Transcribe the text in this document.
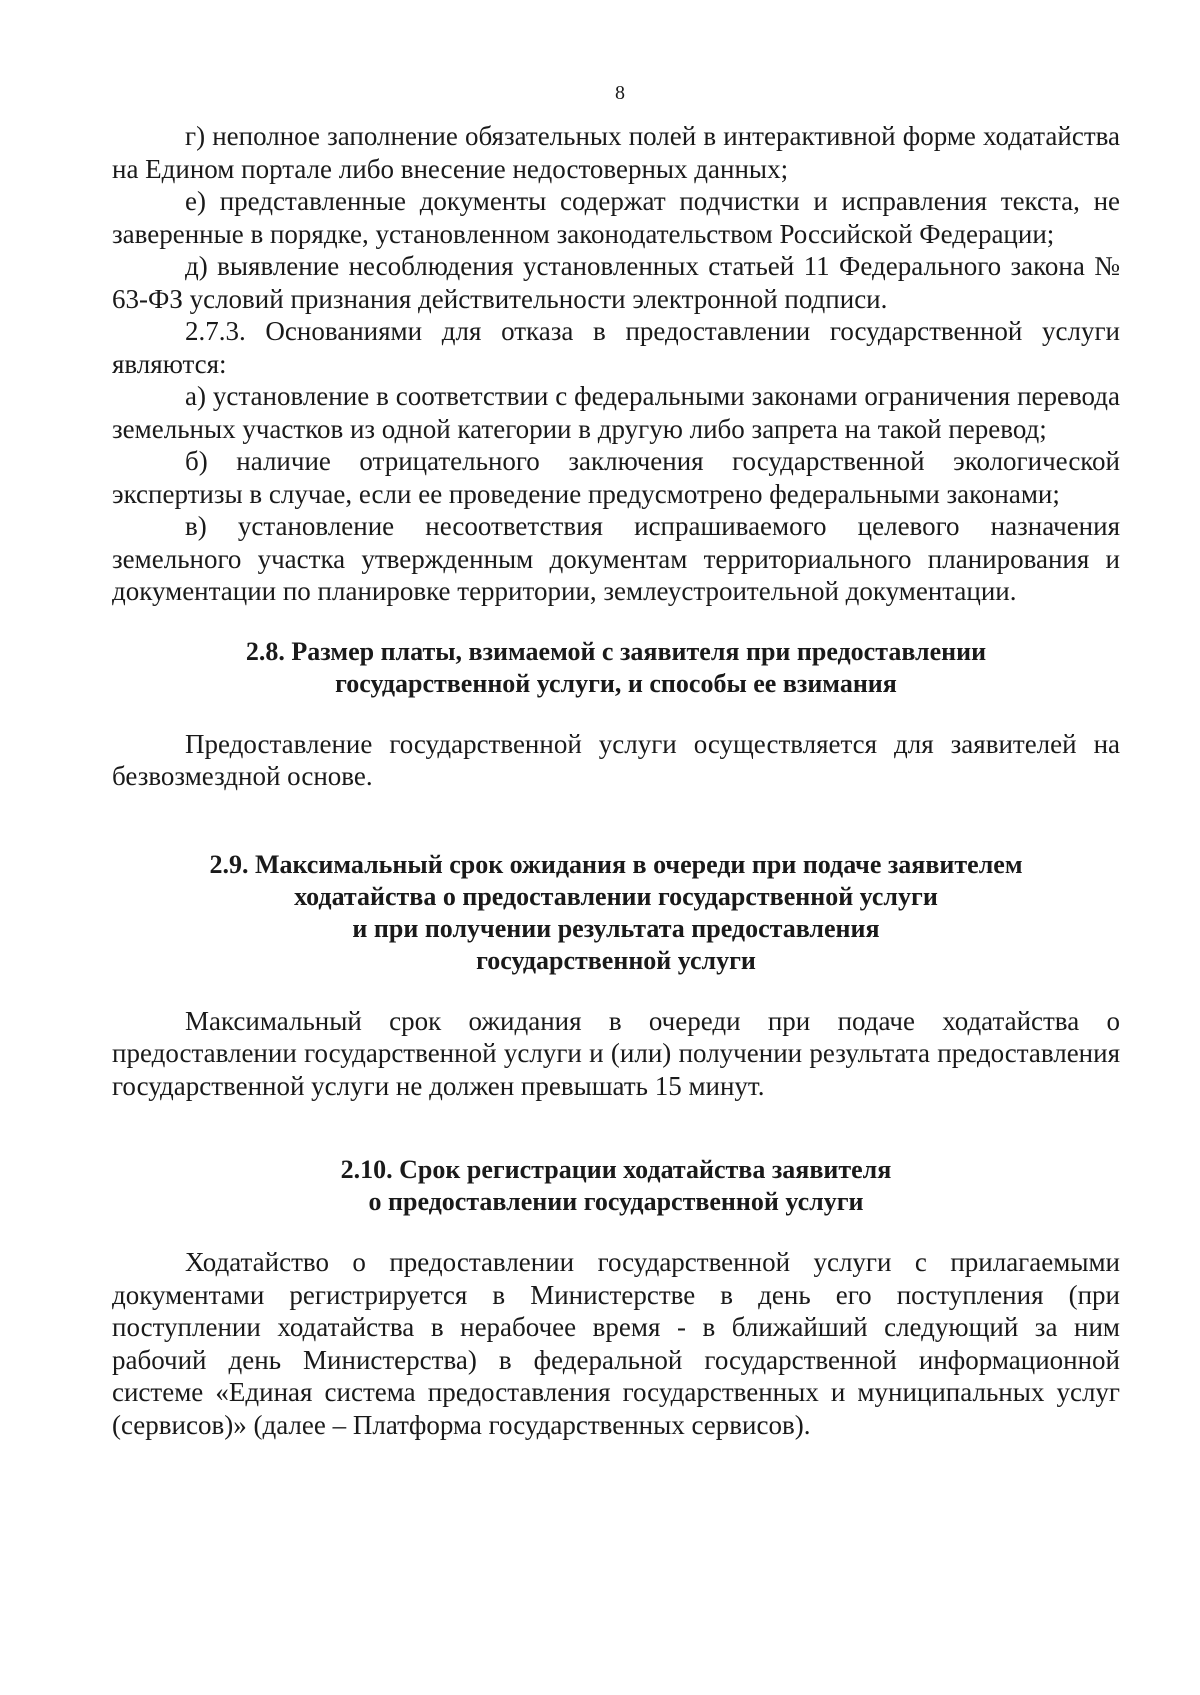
8

г) неполное заполнение обязательных полей в интерактивной форме ходатайства на Едином портале либо внесение недостоверных данных;

е) представленные документы содержат подчистки и исправления текста, не заверенные в порядке, установленном законодательством Российской Федерации;

д) выявление несоблюдения установленных статьей 11 Федерального закона № 63-ФЗ условий признания действительности электронной подписи.

2.7.3. Основаниями для отказа в предоставлении государственной услуги являются:

а) установление в соответствии с федеральными законами ограничения перевода земельных участков из одной категории в другую либо запрета на такой перевод;

б) наличие отрицательного заключения государственной экологической экспертизы в случае, если ее проведение предусмотрено федеральными законами;

в) установление несоответствия испрашиваемого целевого назначения земельного участка утвержденным документам территориального планирования и документации по планировке территории, землеустроительной документации.

2.8. Размер платы, взимаемой с заявителя при предоставлении
государственной услуги, и способы ее взимания

Предоставление государственной услуги осуществляется для заявителей на безвозмездной основе.

2.9. Максимальный срок ожидания в очереди при подаче заявителем
ходатайства о предоставлении государственной услуги
и при получении результата предоставления
государственной услуги

Максимальный срок ожидания в очереди при подаче ходатайства о предоставлении государственной услуги и (или) получении результата предоставления государственной услуги не должен превышать 15 минут.

2.10. Срок регистрации ходатайства заявителя
о предоставлении государственной услуги

Ходатайство о предоставлении государственной услуги с прилагаемыми документами регистрируется в Министерстве в день его поступления (при поступлении ходатайства в нерабочее время - в ближайший следующий за ним рабочий день Министерства) в федеральной государственной информационной системе «Единая система предоставления государственных и муниципальных услуг (сервисов)» (далее – Платформа государственных сервисов).
